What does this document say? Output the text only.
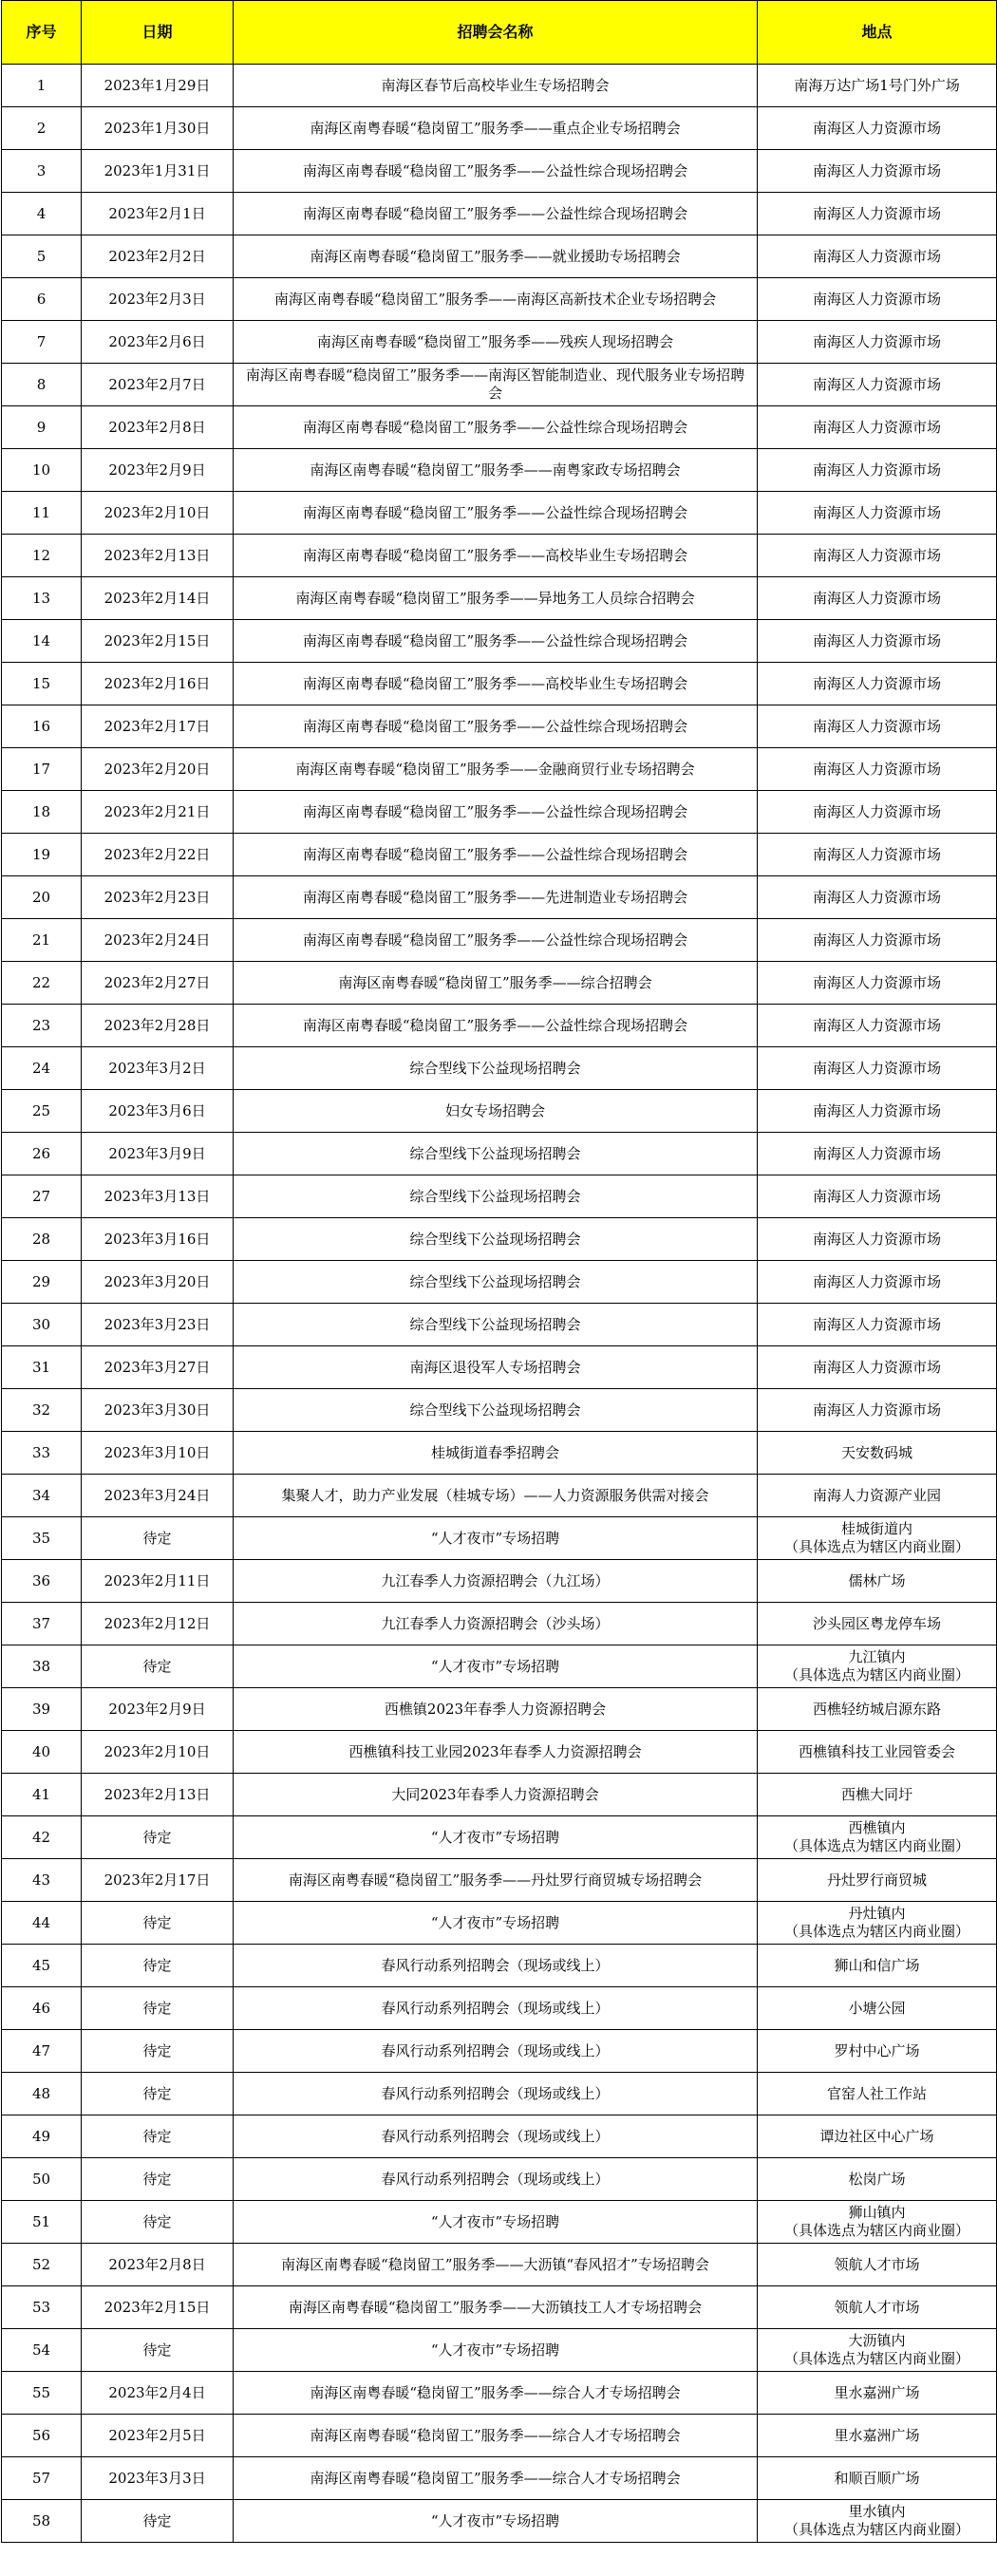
序号	日期	招聘会名称	地点
1	2023年1月29日	南海区春节后高校毕业生专场招聘会	南海万达广场1号门外广场
2	2023年1月30日	南海区南粤春暖“稳岗留工”服务季——重点企业专场招聘会	南海区人力资源市场
3	2023年1月31日	南海区南粤春暖“稳岗留工”服务季——公益性综合现场招聘会	南海区人力资源市场
4	2023年2月1日	南海区南粤春暖“稳岗留工”服务季——公益性综合现场招聘会	南海区人力资源市场
5	2023年2月2日	南海区南粤春暖“稳岗留工”服务季——就业援助专场招聘会	南海区人力资源市场
6	2023年2月3日	南海区南粤春暖“稳岗留工”服务季——南海区高新技术企业专场招聘会	南海区人力资源市场
7	2023年2月6日	南海区南粤春暖“稳岗留工”服务季——残疾人现场招聘会	南海区人力资源市场
8	2023年2月7日	南海区南粤春暖“稳岗留工”服务季——南海区智能制造业、现代服务业专场招聘会	南海区人力资源市场
9	2023年2月8日	南海区南粤春暖“稳岗留工”服务季——公益性综合现场招聘会	南海区人力资源市场
10	2023年2月9日	南海区南粤春暖“稳岗留工”服务季——南粤家政专场招聘会	南海区人力资源市场
11	2023年2月10日	南海区南粤春暖“稳岗留工”服务季——公益性综合现场招聘会	南海区人力资源市场
12	2023年2月13日	南海区南粤春暖“稳岗留工”服务季——高校毕业生专场招聘会	南海区人力资源市场
13	2023年2月14日	南海区南粤春暖“稳岗留工”服务季——异地务工人员综合招聘会	南海区人力资源市场
14	2023年2月15日	南海区南粤春暖“稳岗留工”服务季——公益性综合现场招聘会	南海区人力资源市场
15	2023年2月16日	南海区南粤春暖“稳岗留工”服务季——高校毕业生专场招聘会	南海区人力资源市场
16	2023年2月17日	南海区南粤春暖“稳岗留工”服务季——公益性综合现场招聘会	南海区人力资源市场
17	2023年2月20日	南海区南粤春暖“稳岗留工”服务季——金融商贸行业专场招聘会	南海区人力资源市场
18	2023年2月21日	南海区南粤春暖“稳岗留工”服务季——公益性综合现场招聘会	南海区人力资源市场
19	2023年2月22日	南海区南粤春暖“稳岗留工”服务季——公益性综合现场招聘会	南海区人力资源市场
20	2023年2月23日	南海区南粤春暖“稳岗留工”服务季——先进制造业专场招聘会	南海区人力资源市场
21	2023年2月24日	南海区南粤春暖“稳岗留工”服务季——公益性综合现场招聘会	南海区人力资源市场
22	2023年2月27日	南海区南粤春暖“稳岗留工”服务季——综合招聘会	南海区人力资源市场
23	2023年2月28日	南海区南粤春暖“稳岗留工”服务季——公益性综合现场招聘会	南海区人力资源市场
24	2023年3月2日	综合型线下公益现场招聘会	南海区人力资源市场
25	2023年3月6日	妇女专场招聘会	南海区人力资源市场
26	2023年3月9日	综合型线下公益现场招聘会	南海区人力资源市场
27	2023年3月13日	综合型线下公益现场招聘会	南海区人力资源市场
28	2023年3月16日	综合型线下公益现场招聘会	南海区人力资源市场
29	2023年3月20日	综合型线下公益现场招聘会	南海区人力资源市场
30	2023年3月23日	综合型线下公益现场招聘会	南海区人力资源市场
31	2023年3月27日	南海区退役军人专场招聘会	南海区人力资源市场
32	2023年3月30日	综合型线下公益现场招聘会	南海区人力资源市场
33	2023年3月10日	桂城街道春季招聘会	天安数码城
34	2023年3月24日	集聚人才，助力产业发展（桂城专场）——人力资源服务供需对接会	南海人力资源产业园
35	待定	“人才夜市”专场招聘	桂城街道内
（具体选点为辖区内商业圈）
36	2023年2月11日	九江春季人力资源招聘会（九江场）	儒林广场
37	2023年2月12日	九江春季人力资源招聘会（沙头场）	沙头园区粤龙停车场
38	待定	“人才夜市”专场招聘	九江镇内
（具体选点为辖区内商业圈）
39	2023年2月9日	西樵镇2023年春季人力资源招聘会	西樵轻纺城启源东路
40	2023年2月10日	西樵镇科技工业园2023年春季人力资源招聘会	西樵镇科技工业园管委会
41	2023年2月13日	大同2023年春季人力资源招聘会	西樵大同圩
42	待定	“人才夜市”专场招聘	西樵镇内
（具体选点为辖区内商业圈）
43	2023年2月17日	南海区南粤春暖“稳岗留工”服务季——丹灶罗行商贸城专场招聘会	丹灶罗行商贸城
44	待定	“人才夜市”专场招聘	丹灶镇内
（具体选点为辖区内商业圈）
45	待定	春风行动系列招聘会（现场或线上）	狮山和信广场
46	待定	春风行动系列招聘会（现场或线上）	小塘公园
47	待定	春风行动系列招聘会（现场或线上）	罗村中心广场
48	待定	春风行动系列招聘会（现场或线上）	官窑人社工作站
49	待定	春风行动系列招聘会（现场或线上）	谭边社区中心广场
50	待定	春风行动系列招聘会（现场或线上）	松岗广场
51	待定	“人才夜市”专场招聘	狮山镇内
（具体选点为辖区内商业圈）
52	2023年2月8日	南海区南粤春暖“稳岗留工”服务季——大沥镇“春风招才”专场招聘会	领航人才市场
53	2023年2月15日	南海区南粤春暖“稳岗留工”服务季——大沥镇技工人才专场招聘会	领航人才市场
54	待定	“人才夜市”专场招聘	大沥镇内
（具体选点为辖区内商业圈）
55	2023年2月4日	南海区南粤春暖“稳岗留工”服务季——综合人才专场招聘会	里水嘉洲广场
56	2023年2月5日	南海区南粤春暖“稳岗留工”服务季——综合人才专场招聘会	里水嘉洲广场
57	2023年3月3日	南海区南粤春暖“稳岗留工”服务季——综合人才专场招聘会	和顺百顺广场
58	待定	“人才夜市”专场招聘	里水镇内
（具体选点为辖区内商业圈）
